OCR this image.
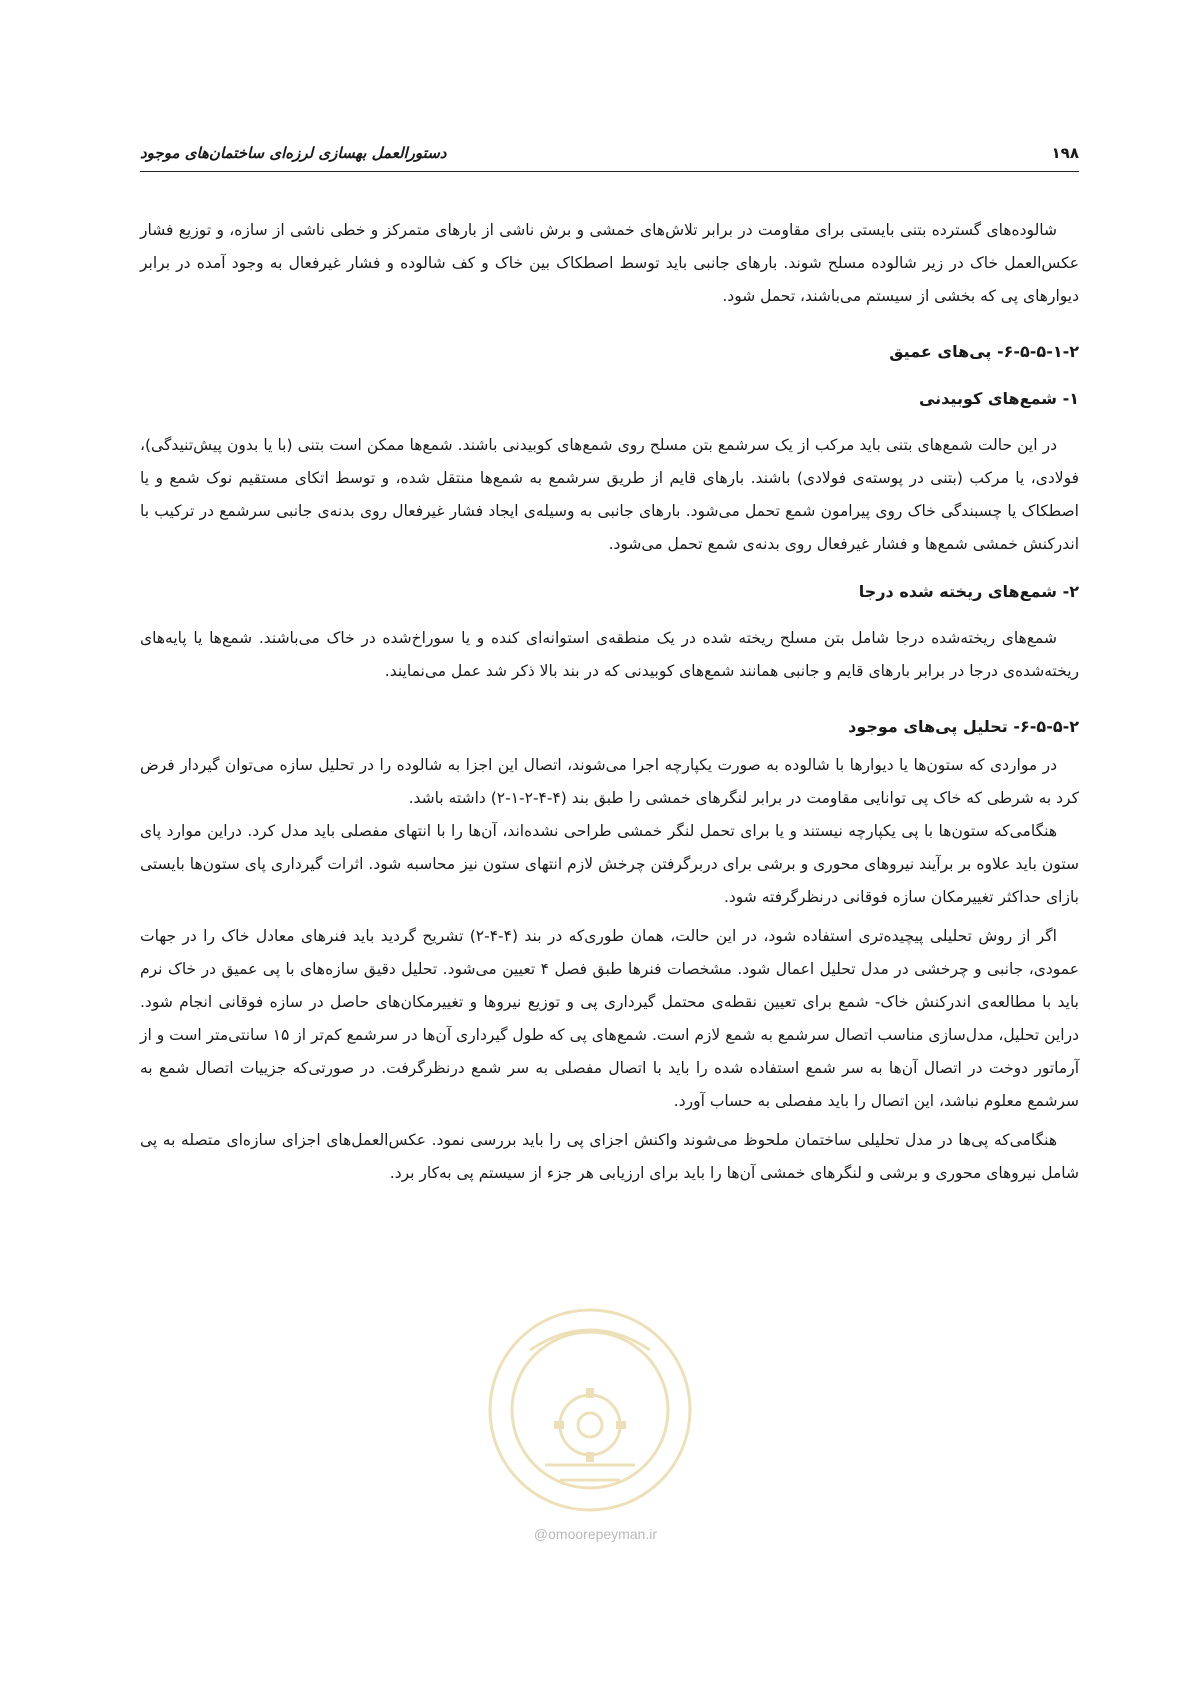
۱۹۸
دستورالعمل بهسازی لرزه‌ای ساختمان‌های موجود

شالوده‌های گسترده بتنی بایستی برای مقاومت در برابر تلاش‌های خمشی و برش ناشی از بارهای متمرکز و خطی ناشی از سازه، و توزیع فشار عکس‌العمل خاک در زیر شالوده مسلح شوند. بارهای جانبی باید توسط اصطکاک بین خاک و کف شالوده و فشار غیرفعال به وجود آمده در برابر دیوارهای پی که بخشی از سیستم می‌باشند، تحمل شود.

۶-۵-۵-۱-۲- پی‌های عمیق
۱- شمع‌های کوبیدنی

در این حالت شمع‌های بتنی باید مرکب از یک سرشمع بتن مسلح روی شمع‌های کوبیدنی باشند. شمع‌ها ممکن است بتنی (با یا بدون پیش‌تنیدگی)، فولادی، یا مرکب (بتنی در پوسته‌ی فولادی) باشند. بارهای قایم از طریق سرشمع به شمع‌ها منتقل شده، و توسط اتکای مستقیم نوک شمع و یا اصطکاک یا چسبندگی خاک روی پیرامون شمع تحمل می‌شود. بارهای جانبی به وسیله‌ی ایجاد فشار غیرفعال روی بدنه‌ی جانبی سرشمع در ترکیب با اندرکنش خمشی شمع‌ها و فشار غیرفعال روی بدنه‌ی شمع تحمل می‌شود.

۲- شمع‌های ریخته شده درجا

شمع‌های ریخته‌شده درجا شامل بتن مسلح ریخته شده در یک منطقه‌ی استوانه‌ای کنده و یا سوراخ‌شده در خاک می‌باشند. شمع‌ها یا پایه‌های ریخته‌شده‌ی درجا در برابر بارهای قایم و جانبی همانند شمع‌های کوبیدنی که در بند بالا ذکر شد عمل می‌نمایند.

۶-۵-۵-۲- تحلیل پی‌های موجود

در مواردی که ستون‌ها یا دیوارها با شالوده به صورت یکپارچه اجرا می‌شوند، اتصال این اجزا به شالوده را در تحلیل سازه می‌توان گیردار فرض کرد به شرطی که خاک پی توانایی مقاومت در برابر لنگرهای خمشی را طبق بند (۴-۴-۲-۱-۲) داشته باشد.

هنگامی‌که ستون‌ها با پی یکپارچه نیستند و یا برای تحمل لنگر خمشی طراحی نشده‌اند، آن‌ها را با انتهای مفصلی باید مدل کرد. دراین موارد پای ستون باید علاوه بر برآیند نیروهای محوری و برشی برای دربرگرفتن چرخش لازم انتهای ستون نیز محاسبه شود. اثرات گیرداری پای ستون‌ها بایستی بازای حداکثر تغییرمکان سازه فوقانی درنظرگرفته شود.

اگر از روش تحلیلی پیچیده‌تری استفاده شود، در این حالت، همان طوری‌که در بند (۴-۴-۲) تشریح گردید باید فنرهای معادل خاک را در جهات عمودی، جانبی و چرخشی در مدل تحلیل اعمال شود. مشخصات فنرها طبق فصل ۴ تعیین می‌شود. تحلیل دقیق سازه‌های با پی عمیق در خاک نرم باید با مطالعه‌ی اندرکنش خاک- شمع برای تعیین نقطه‌ی محتمل گیرداری پی و توزیع نیروها و تغییرمکان‌های حاصل در سازه فوقانی انجام شود. دراین تحلیل، مدل‌سازی مناسب اتصال سرشمع به شمع لازم است. شمع‌های پی که طول گیرداری آن‌ها در سرشمع کم‌تر از ۱۵ سانتی‌متر است و از آرماتور دوخت در اتصال آن‌ها به سر شمع استفاده شده را باید با اتصال مفصلی به سر شمع درنظرگرفت. در صورتی‌که جزییات اتصال شمع به سرشمع معلوم نباشد، این اتصال را باید مفصلی به حساب آورد.

هنگامی‌که پی‌ها در مدل تحلیلی ساختمان ملحوظ می‌شوند واکنش اجزای پی را باید بررسی نمود. عکس‌العمل‌های اجزای سازه‌ای متصله به پی شامل نیروهای محوری و برشی و لنگرهای خمشی آن‌ها را باید برای ارزیابی هر جزء از سیستم پی به‌کار برد.

@omoorepeyman.ir
